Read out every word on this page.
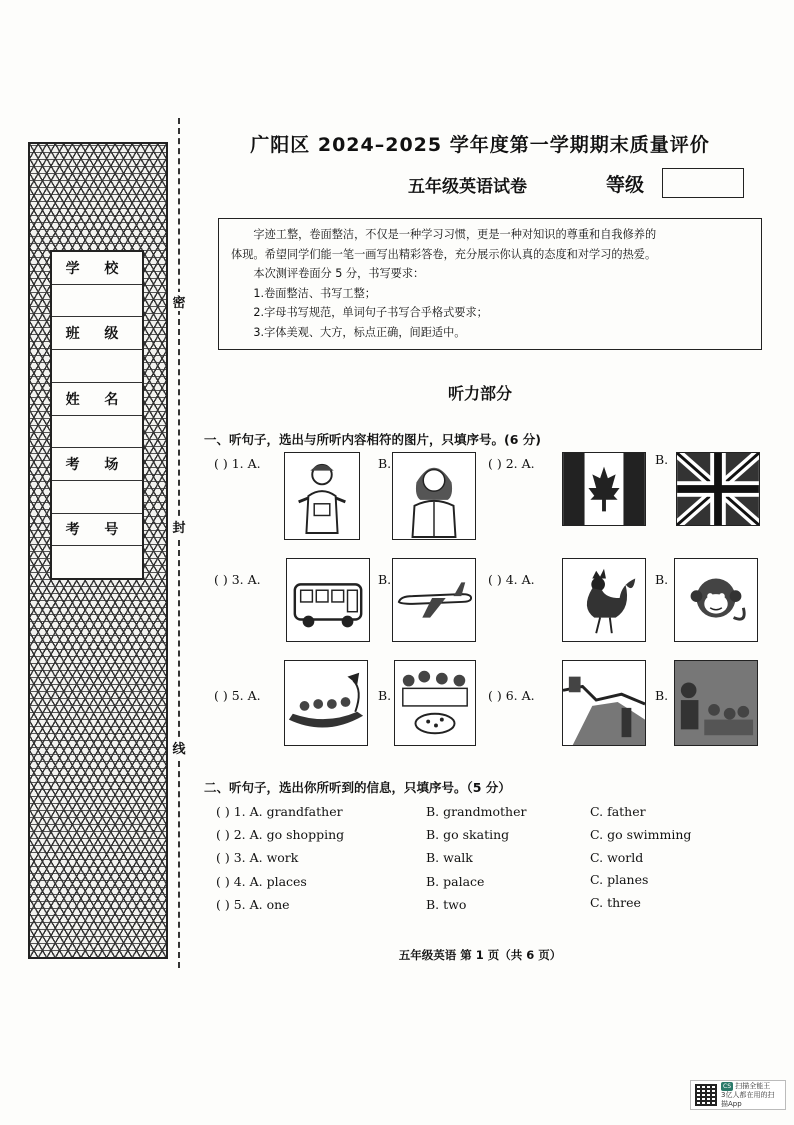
学 校
班 级
姓 名
考 场
考 号
密
封
线
广阳区 2024–2025 学年度第一学期期末质量评价
五年级英语试卷	等级

字迹工整，卷面整洁，不仅是一种学习习惯，更是一种对知识的尊重和自我修养的

体现。希望同学们能一笔一画写出精彩答卷，充分展示你认真的态度和对学习的热爱。

本次测评卷面分 5 分，书写要求：

1.卷面整洁、书写工整；

2.字母书写规范，单词句子书写合乎格式要求；

3.字体美观、大方，标点正确，间距适中。

听力部分
一、听句子，选出与所听内容相符的图片，只填序号。(6 分)
( ) 1. A.	B.	( ) 2. A.	B.
( ) 3. A.	B.	( ) 4. A.	B.
( ) 5. A.	B.	( ) 6. A.	B.
二、听句子，选出你所听到的信息，只填序号。（5 分）
( ) 1. A. grandfather	B. grandmother	C. father
( ) 2. A. go shopping	B. go skating	C. go swimming
( ) 3. A. work	B. walk	C. world
( ) 4. A. places	B. palace	C. planes
( ) 5. A. one	B. two	C. three
五年级英语 第 1 页（共 6 页）
CS 扫描全能王
3亿人都在用的扫描App
